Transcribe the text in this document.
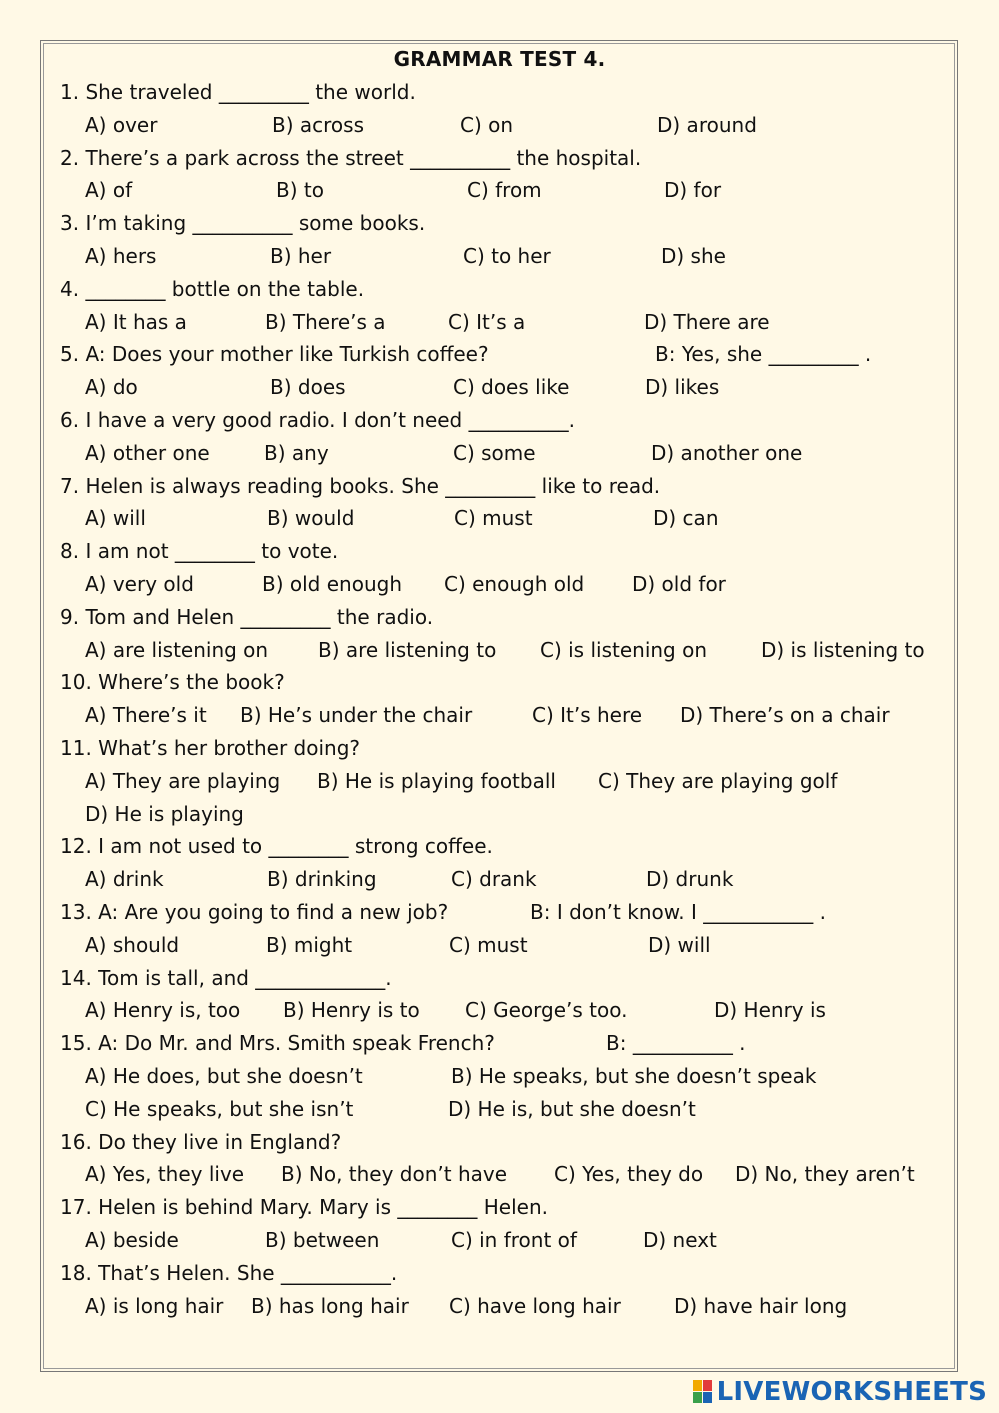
GRAMMAR TEST 4.
1. She traveled _________ the world.
A) over	B) across	C) on	D) around
2. There’s a park across the street __________ the hospital.
A) of	B) to	C) from	D) for
3. I’m taking __________ some books.
A) hers	B) her	C) to her	D) she
4. ________ bottle on the table.
A) It has a	B) There’s a	C) It’s a	D) There are
5. A: Does your mother like Turkish coffee?	B: Yes, she _________ .
A) do	B) does	C) does like	D) likes
6. I have a very good radio. I don’t need __________.
A) other one	B) any	C) some	D) another one
7. Helen is always reading books. She _________ like to read.
A) will	B) would	C) must	D) can
8. I am not ________ to vote.
A) very old	B) old enough C) enough old D) old for
9. Tom and Helen _________ the radio.
A) are listening on B) are listening to C) is listening on	D) is listening to
10. Where’s the book?
A) There’s it B) He’s under the chair	C) It’s here D) There’s on a chair
11. What’s her brother doing?
A) They are playing B) He is playing football C) They are playing golf
D) He is playing
12. I am not used to ________ strong coffee.
A) drink	B) drinking	C) drank	D) drunk
13. A: Are you going to find a new job?	B: I don’t know. I ___________ .
A) should	B) might	C) must	D) will
14. Tom is tall, and _____________.
A) Henry is, too B) Henry is to C) George’s too.	D) Henry is
15. A: Do Mr. and Mrs. Smith speak French?	B: __________ .
A) He does, but she doesn’t	B) He speaks, but she doesn’t speak
C) He speaks, but she isn’t	D) He is, but she doesn’t
16. Do they live in England?
A) Yes, they live B) No, they don’t have C) Yes, they do D) No, they aren’t
17. Helen is behind Mary. Mary is ________ Helen.
A) beside	B) between	C) in front of	D) next
18. That’s Helen. She ___________.
A) is long hair B) has long hair C) have long hair	D) have hair long
LIVEWORKSHEETS
